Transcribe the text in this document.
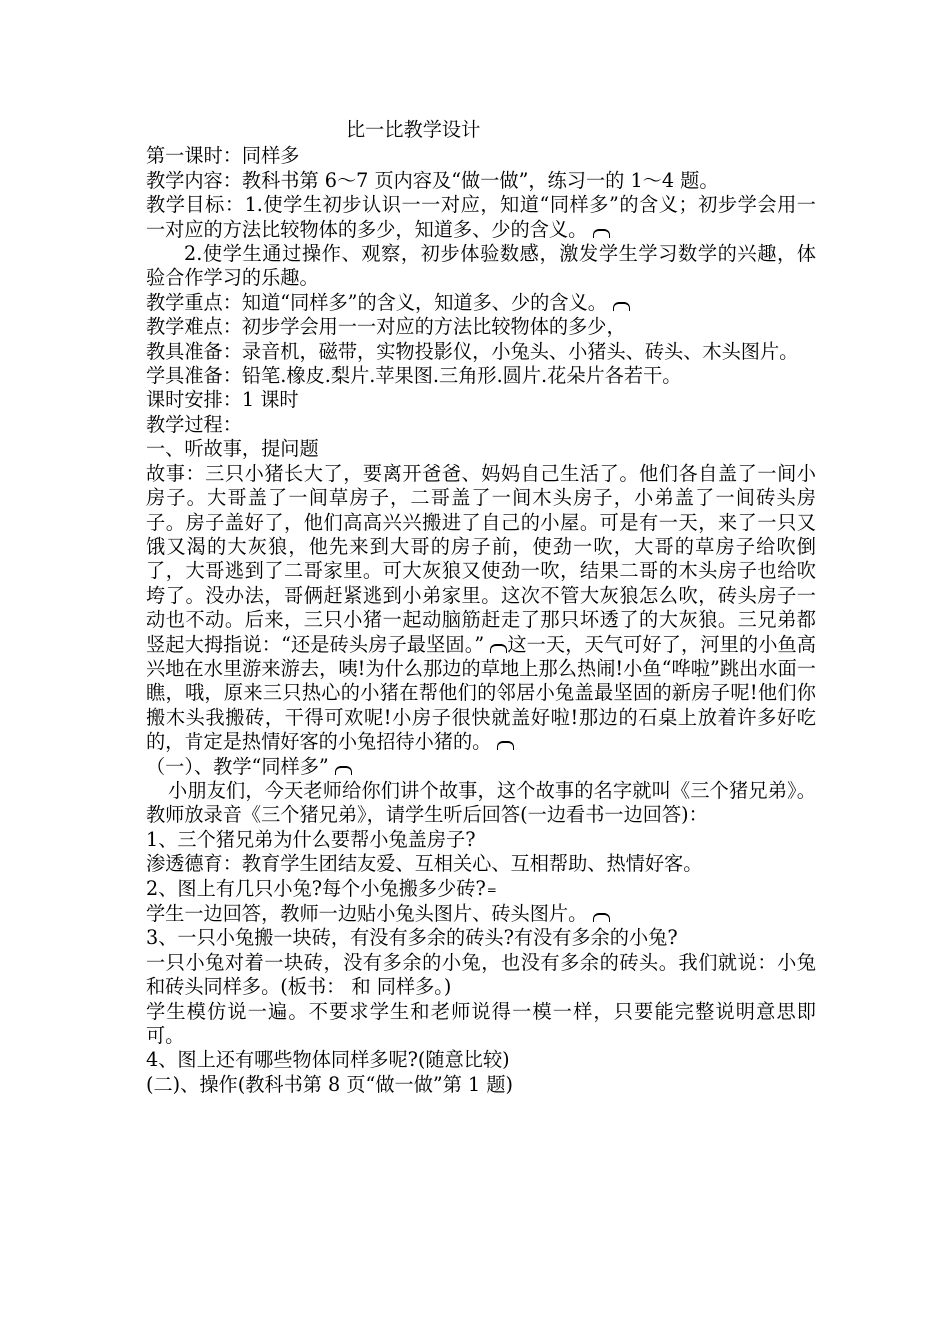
比一比教学设计
第一课时：同样多
教学内容：教科书第 6～7 页内容及“做一做”，练习一的 1～4 题。
教学目标：1.使学生初步认识一一对应，知道“同样多”的含义；初步学会用一一对应的方法比较物体的多少，知道多、少的含义。
2.使学生通过操作、观察，初步体验数感，激发学生学习数学的兴趣，体验合作学习的乐趣。
教学重点：知道“同样多”的含义，知道多、少的含义。
教学难点：初步学会用一一对应的方法比较物体的多少，
教具准备：录音机，磁带，实物投影仪，小兔头、小猪头、砖头、木头图片。
学具准备：铅笔.橡皮.梨片.苹果图.三角形.圆片.花朵片各若干。
课时安排：1 课时
教学过程：
一、听故事，提问题
故事：三只小猪长大了，要离开爸爸、妈妈自己生活了。他们各自盖了一间小房子。大哥盖了一间草房子，二哥盖了一间木头房子，小弟盖了一间砖头房子。房子盖好了，他们高高兴兴搬进了自己的小屋。可是有一天，来了一只又饿又渴的大灰狼，他先来到大哥的房子前，使劲一吹，大哥的草房子给吹倒了，大哥逃到了二哥家里。可大灰狼又使劲一吹，结果二哥的木头房子也给吹垮了。没办法，哥俩赶紧逃到小弟家里。这次不管大灰狼怎么吹，砖头房子一动也不动。后来，三只小猪一起动脑筋赶走了那只坏透了的大灰狼。三兄弟都竖起大拇指说：“还是砖头房子最坚固。” 这一天，天气可好了，河里的小鱼高兴地在水里游来游去，咦!为什么那边的草地上那么热闹!小鱼“哗啦”跳出水面一瞧，哦，原来三只热心的小猪在帮他们的邻居小兔盖最坚固的新房子呢!他们你搬木头我搬砖，干得可欢呢!小房子很快就盖好啦!那边的石桌上放着许多好吃的，肯定是热情好客的小兔招待小猪的。
（一）、教学“同样多”
小朋友们，今天老师给你们讲个故事，这个故事的名字就叫《三个猪兄弟》。教师放录音《三个猪兄弟》，请学生听后回答(一边看书一边回答)：
1、三个猪兄弟为什么要帮小兔盖房子?
渗透德育：教育学生团结友爱、互相关心、互相帮助、热情好客。
2、图上有几只小兔?每个小兔搬多少砖?=
学生一边回答，教师一边贴小兔头图片、砖头图片。
3、一只小兔搬一块砖，有没有多余的砖头?有没有多余的小兔?
一只小兔对着一块砖，没有多余的小兔，也没有多余的砖头。我们就说：小兔和砖头同样多。(板书： 和 同样多。)
学生模仿说一遍。不要求学生和老师说得一模一样，只要能完整说明意思即可。
4、图上还有哪些物体同样多呢?(随意比较)
(二)、操作(教科书第 8 页“做一做”第 1 题)
